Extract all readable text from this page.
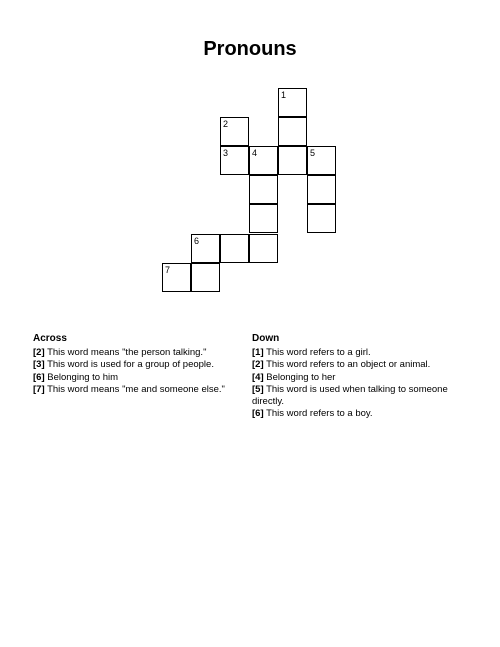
Pronouns
1
2
3	4	5
6
7
Across

[2] This word means "the person talking."

[3] This word is used for a group of people.

[6] Belonging to him

[7] This word means "me and someone else."

Down

[1] This word refers to a girl.

[2] This word refers to an object or animal.

[4] Belonging to her

[5] This word is used when talking to someone directly.

[6] This word refers to a boy.
